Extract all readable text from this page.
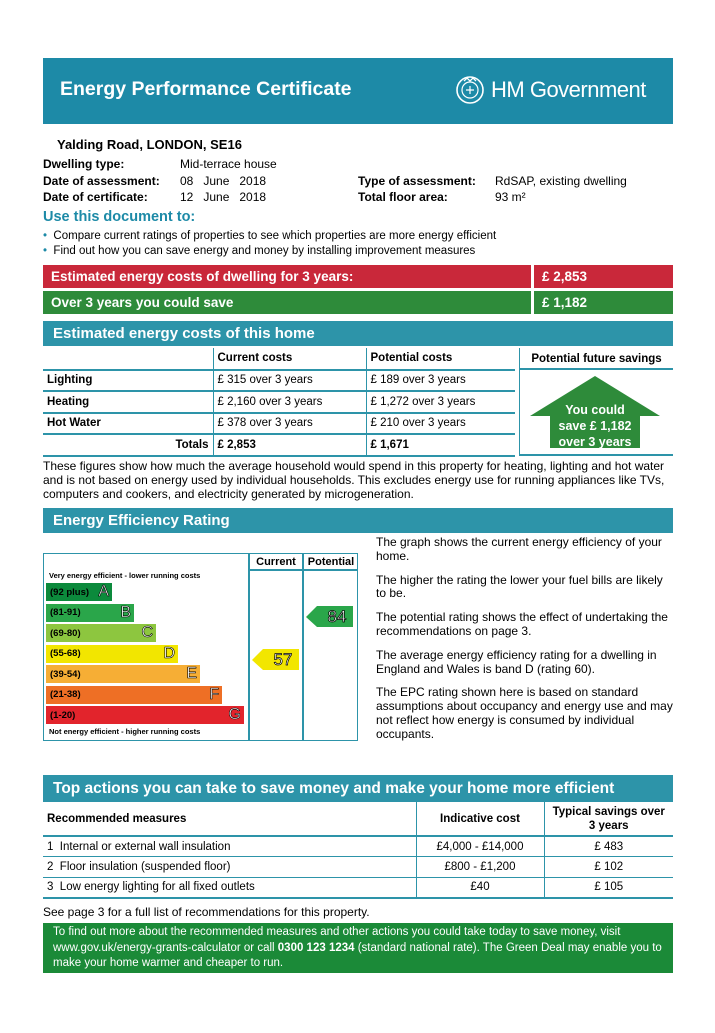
Energy Performance Certificate	HM Government
Yalding Road, LONDON, SE16
Dwelling type:	Mid-terrace house
Date of assessment: 08   June   2018
Date of certificate:	12   June   2018
Type of assessment: RdSAP, existing dwelling
Total floor area:	93 m²
Use this document to:
• Compare current ratings of properties to see which properties are more energy efficient
• Find out how you can save energy and money by installing improvement measures
Estimated energy costs of dwelling for 3 years:	£ 2,853
Over 3 years you could save	£ 1,182
Estimated energy costs of this home
	Current costs	Potential costs
Lighting	£ 315 over 3 years	£ 189 over 3 years
Heating	£ 2,160 over 3 years	£ 1,272 over 3 years
Hot Water	£ 378 over 3 years	£ 210 over 3 years
Totals	£ 2,853	£ 1,671
Potential future savings
You could
save £ 1,182
over 3 years
These figures show how much the average household would spend in this property for heating, lighting and hot water and is not based on energy used by individual households. This excludes energy use for running appliances like TVs, computers and cookers, and electricity generated by microgeneration.
Energy Efficiency Rating
Current	Potential
Very energy efficient - lower running costs
Not energy efficient - higher running costs
(92 plus) A
(81-91) B
(69-80)	C
(55-68)	D
(39-54)	E
(21-38)	F
(1-20)	G
57
84
The graph shows the current energy efficiency of your home.
The higher the rating the lower your fuel bills are likely to be.
The potential rating shows the effect of undertaking the recommendations on page 3.
The average energy efficiency rating for a dwelling in England and Wales is band D (rating 60).
The EPC rating shown here is based on standard assumptions about occupancy and energy use and may not reflect how energy is consumed by individual occupants.
Top actions you can take to save money and make your home more efficient
Recommended measures	Indicative cost	Typical savings over 3 years
1 Internal or external wall insulation	£4,000 - £14,000	£ 483
2 Floor insulation (suspended floor)	£800 - £1,200	£ 102
3 Low energy lighting for all fixed outlets	£40	£ 105
See page 3 for a full list of recommendations for this property.
To find out more about the recommended measures and other actions you could take today to save money, visit www.gov.uk/energy-grants-calculator or call 0300 123 1234 (standard national rate). The Green Deal may enable you to make your home warmer and cheaper to run.
